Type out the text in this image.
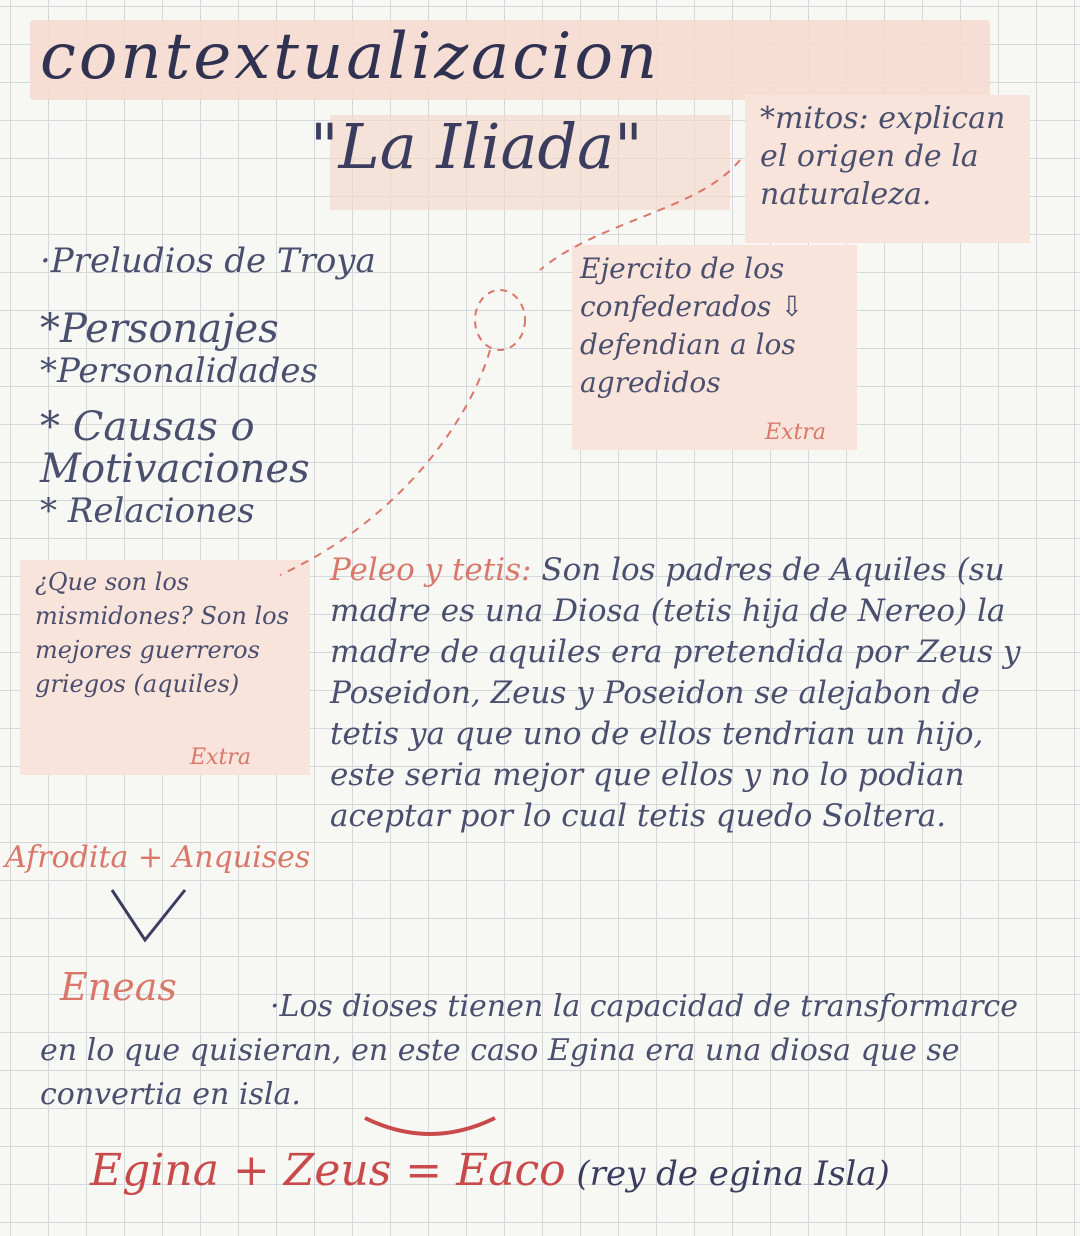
contextualizacion
"La Iliada"	*mitos: explican el origen de la naturaleza.
Ejercito de los confederados ⇩ defendian a los agredidos
Extra
·Preludios de Troya
*Personajes
*Personalidades
* Causas o Motivaciones
* Relaciones
¿Que son los mismidones? Son los mejores guerreros griegos (aquiles)
Extra
Peleo y tetis: Son los padres de Aquiles (su madre es una Diosa (tetis hija de Nereo) la madre de aquiles era pretendida por Zeus y Poseidon, Zeus y Poseidon se alejabon de tetis ya que uno de ellos tendrian un hijo, este seria mejor que ellos y no lo podian aceptar por lo cual tetis quedo Soltera.
Afrodita + Anquises
Eneas	·Los dioses tienen la capacidad de transformarce en lo que quisieran, en este caso Egina era una diosa que se convertia en isla.
Egina + Zeus = Eaco (rey de egina Isla)
